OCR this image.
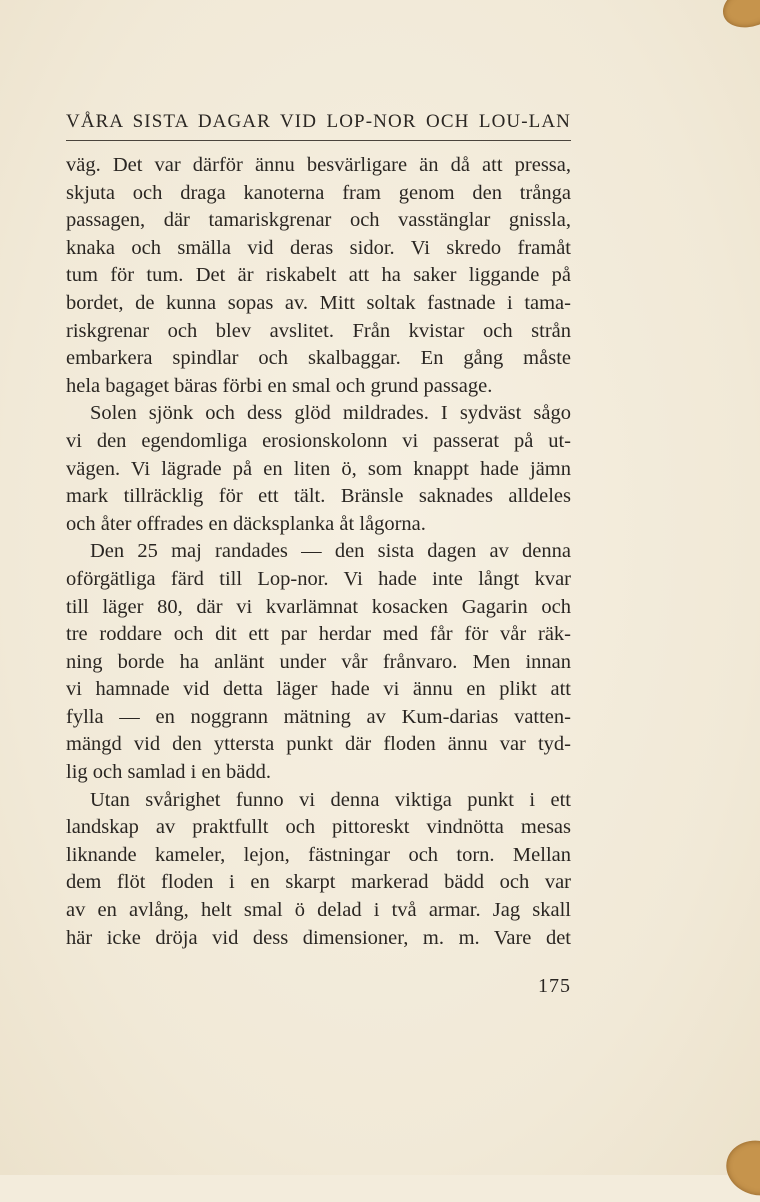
VÅRA SISTA DAGAR VID LOP-NOR OCH LOU-LAN
väg. Det var därför ännu besvärligare än då att pressa,
skjuta och draga kanoterna fram genom den trånga
passagen, där tamariskgrenar och vasstänglar gnissla,
knaka och smälla vid deras sidor. Vi skredo framåt
tum för tum. Det är riskabelt att ha saker liggande på
bordet, de kunna sopas av. Mitt soltak fastnade i tama-
riskgrenar och blev avslitet. Från kvistar och strån
embarkera spindlar och skalbaggar. En gång måste
hela bagaget bäras förbi en smal och grund passage.
Solen sjönk och dess glöd mildrades. I sydväst sågo
vi den egendomliga erosionskolonn vi passerat på ut-
vägen. Vi lägrade på en liten ö, som knappt hade jämn
mark tillräcklig för ett tält. Bränsle saknades alldeles
och åter offrades en däcksplanka åt lågorna.
Den 25 maj randades — den sista dagen av denna
oförgätliga färd till Lop-nor. Vi hade inte långt kvar
till läger 80, där vi kvarlämnat kosacken Gagarin och
tre roddare och dit ett par herdar med får för vår räk-
ning borde ha anlänt under vår frånvaro. Men innan
vi hamnade vid detta läger hade vi ännu en plikt att
fylla — en noggrann mätning av Kum-darias vatten-
mängd vid den yttersta punkt där floden ännu var tyd-
lig och samlad i en bädd.
Utan svårighet funno vi denna viktiga punkt i ett
landskap av praktfullt och pittoreskt vindnötta mesas
liknande kameler, lejon, fästningar och torn. Mellan
dem flöt floden i en skarpt markerad bädd och var
av en avlång, helt smal ö delad i två armar. Jag skall
här icke dröja vid dess dimensioner, m. m. Vare det
175
